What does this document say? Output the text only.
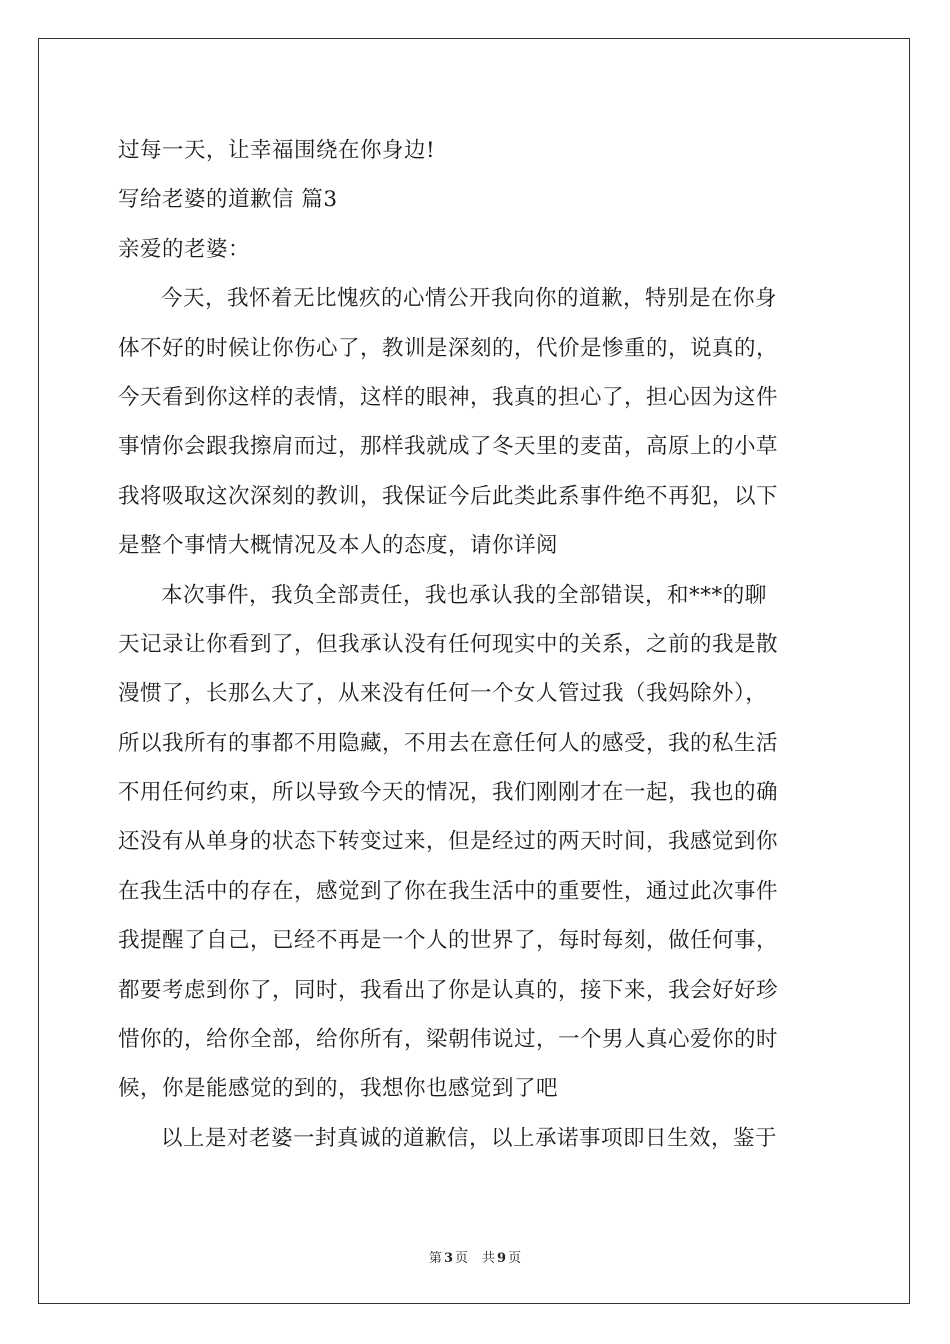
过每一天，让幸福围绕在你身边!
写给老婆的道歉信 篇3
亲爱的老婆：
今天，我怀着无比愧疚的心情公开我向你的道歉，特别是在你身
体不好的时候让你伤心了，教训是深刻的，代价是惨重的，说真的，
今天看到你这样的表情，这样的眼神，我真的担心了，担心因为这件
事情你会跟我擦肩而过，那样我就成了冬天里的麦苗，高原上的小草
我将吸取这次深刻的教训，我保证今后此类此系事件绝不再犯，以下
是整个事情大概情况及本人的态度，请你详阅
本次事件，我负全部责任，我也承认我的全部错误，和***的聊
天记录让你看到了，但我承认没有任何现实中的关系，之前的我是散
漫惯了，长那么大了，从来没有任何一个女人管过我（我妈除外），
所以我所有的事都不用隐藏，不用去在意任何人的感受，我的私生活
不用任何约束，所以导致今天的情况，我们刚刚才在一起，我也的确
还没有从单身的状态下转变过来，但是经过的两天时间，我感觉到你
在我生活中的存在，感觉到了你在我生活中的重要性，通过此次事件
我提醒了自己，已经不再是一个人的世界了，每时每刻，做任何事，
都要考虑到你了，同时，我看出了你是认真的，接下来，我会好好珍
惜你的，给你全部，给你所有，梁朝伟说过，一个男人真心爱你的时
候，你是能感觉的到的，我想你也感觉到了吧
以上是对老婆一封真诚的道歉信，以上承诺事项即日生效，鉴于
第 3 页 共 9 页
